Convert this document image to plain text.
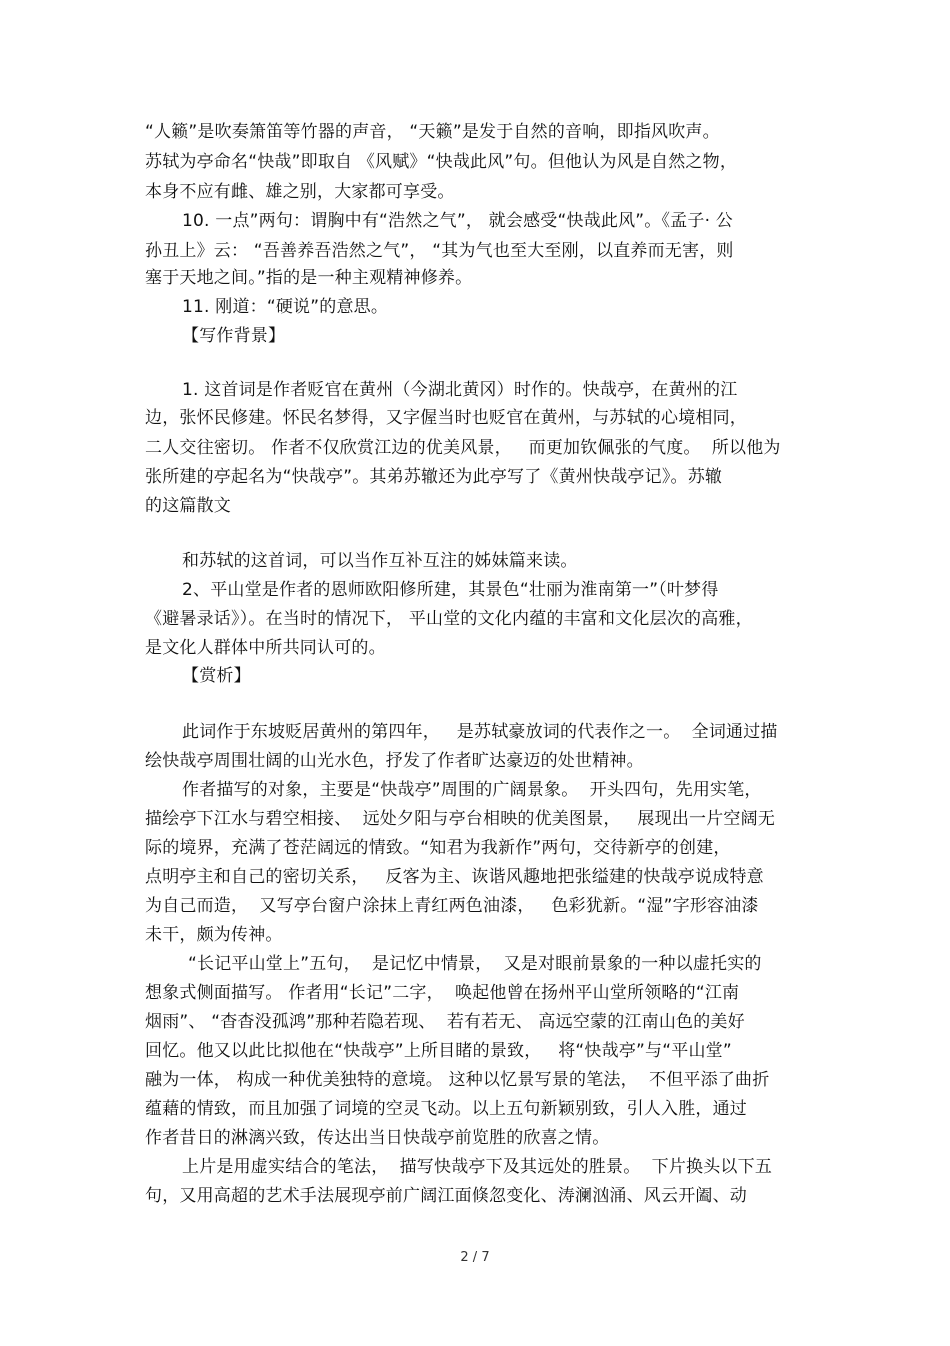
“人籁”是吹奏箫笛等竹器的声音， “天籁”是发于自然的音响，即指风吹声。
苏轼为亭命名“快哉”即取自 《风赋》“快哉此风”句。但他认为风是自然之物，
本身不应有雌、雄之别，大家都可享受。
10. 一点”两句：谓胸中有“浩然之气”， 就会感受“快哉此风”。《孟子· 公
孙丑上》云： “吾善养吾浩然之气”， “其为气也至大至刚，以直养而无害，则
塞于天地之间。”指的是一种主观精神修养。
11. 刚道：“硬说”的意思。
【写作背景】
1. 这首词是作者贬官在黄州（今湖北黄冈）时作的。快哉亭，在黄州的江
边，张怀民修建。怀民名梦得，又字偓当时也贬官在黄州，与苏轼的心境相同，
二人交往密切。 作者不仅欣赏江边的优美风景，   而更加钦佩张的气度。  所以他为
张所建的亭起名为“快哉亭”。其弟苏辙还为此亭写了《黄州快哉亭记》。苏辙
的这篇散文
和苏轼的这首词，可以当作互补互注的姊妹篇来读。
2、平山堂是作者的恩师欧阳修所建，其景色“壮丽为淮南第一”（叶梦得
《避暑录话》）。在当时的情况下， 平山堂的文化内蕴的丰富和文化层次的高雅，
是文化人群体中所共同认可的。
【赏析】
此词作于东坡贬居黄州的第四年，   是苏轼豪放词的代表作之一。  全词通过描
绘快哉亭周围壮阔的山光水色，抒发了作者旷达豪迈的处世精神。
作者描写的对象，主要是“快哉亭”周围的广阔景象。  开头四句，先用实笔，
描绘亭下江水与碧空相接、  远处夕阳与亭台相映的优美图景，   展现出一片空阔无
际的境界，充满了苍茫阔远的情致。“知君为我新作”两句，交待新亭的创建，
点明亭主和自己的密切关系，   反客为主、诙谐风趣地把张缢建的快哉亭说成特意
为自己而造，  又写亭台窗户涂抹上青红两色油漆，   色彩犹新。“湿”字形容油漆
未干，颇为传神。
“长记平山堂上”五句，  是记忆中情景，  又是对眼前景象的一种以虚托实的
想象式侧面描写。 作者用“长记”二字，  唤起他曾在扬州平山堂所领略的“江南
烟雨”、 “杳杳没孤鸿”那种若隐若现、  若有若无、 高远空蒙的江南山色的美好
回忆。他又以此比拟他在“快哉亭”上所目睹的景致，   将“快哉亭”与“平山堂”
融为一体， 构成一种优美独特的意境。 这种以忆景写景的笔法，  不但平添了曲折
蕴藉的情致，而且加强了词境的空灵飞动。以上五句新颖别致，引人入胜，通过
作者昔日的淋漓兴致，传达出当日快哉亭前览胜的欣喜之情。
上片是用虚实结合的笔法，  描写快哉亭下及其远处的胜景。  下片换头以下五
句，又用高超的艺术手法展现亭前广阔江面倏忽变化、涛澜汹涌、风云开阖、动
2 / 7
